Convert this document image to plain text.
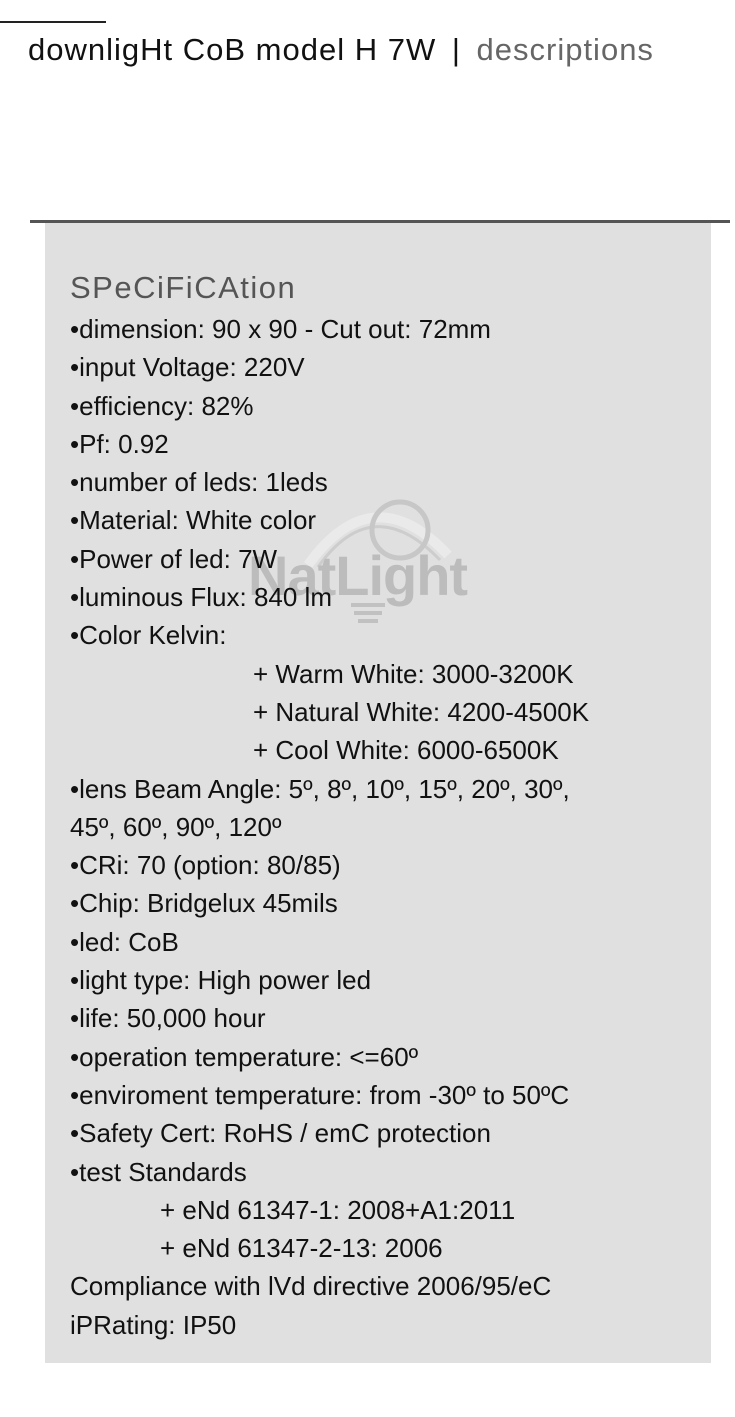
downligHt CoB model H 7W | descriptions
NatLight
SPeCiFiCAtion
•dimension: 90 x 90 - Cut out: 72mm
•input Voltage: 220V
•efficiency: 82%
•Pf: 0.92
•number of leds: 1leds
•Material: White color
•Power of led: 7W
•luminous Flux: 840 lm
•Color Kelvin:
+ Warm White: 3000-3200K
+ Natural White: 4200-4500K
+ Cool White: 6000-6500K
•lens Beam Angle: 5º, 8º, 10º, 15º, 20º, 30º,
45º, 60º, 90º, 120º
•CRi: 70 (option: 80/85)
•Chip: Bridgelux 45mils
•led: CoB
•light type: High power led
•life: 50,000 hour
•operation temperature: <=60º
•enviroment temperature: from -30º to 50ºC
•Safety Cert: RoHS / emC protection
•test Standards
+ eNd 61347-1: 2008+A1:2011
+ eNd 61347-2-13: 2006
Compliance with lVd directive 2006/95/eC
iPRating: IP50
